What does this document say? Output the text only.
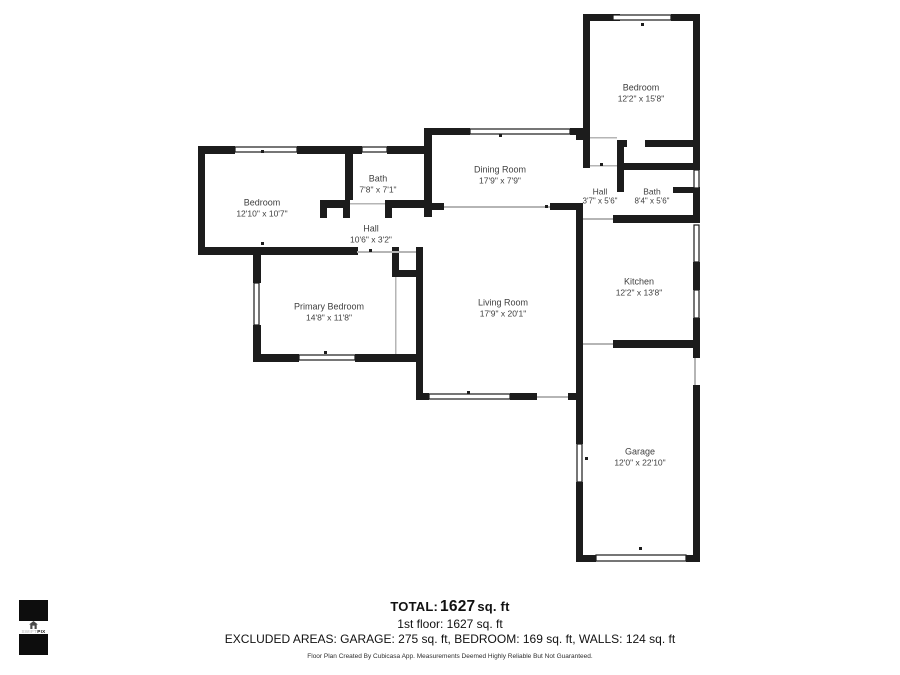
Bedroom
12'2" x 15'8"
Dining Room
17'9" x 7'9"
Bath
7'8" x 7'1"
Bedroom
12'10" x 10'7"
Hall
3'7" x 5'6"
Bath
8'4" x 5'6"
Hall
10'6" x 3'2"
Kitchen
12'2" x 13'8"
Primary Bedroom
14'8" x 11'8"
Living Room
17'9" x 20'1"
Garage
12'0" x 22'10"
TOTAL: 1627 sq. ft
1st floor: 1627 sq. ft
EXCLUDED AREAS: GARAGE: 275 sq. ft, BEDROOM: 169 sq. ft, WALLS: 124 sq. ft
Floor Plan Created By Cubicasa App. Measurements Deemed Highly Reliable But Not Guaranteed.
SWIFTPIX
